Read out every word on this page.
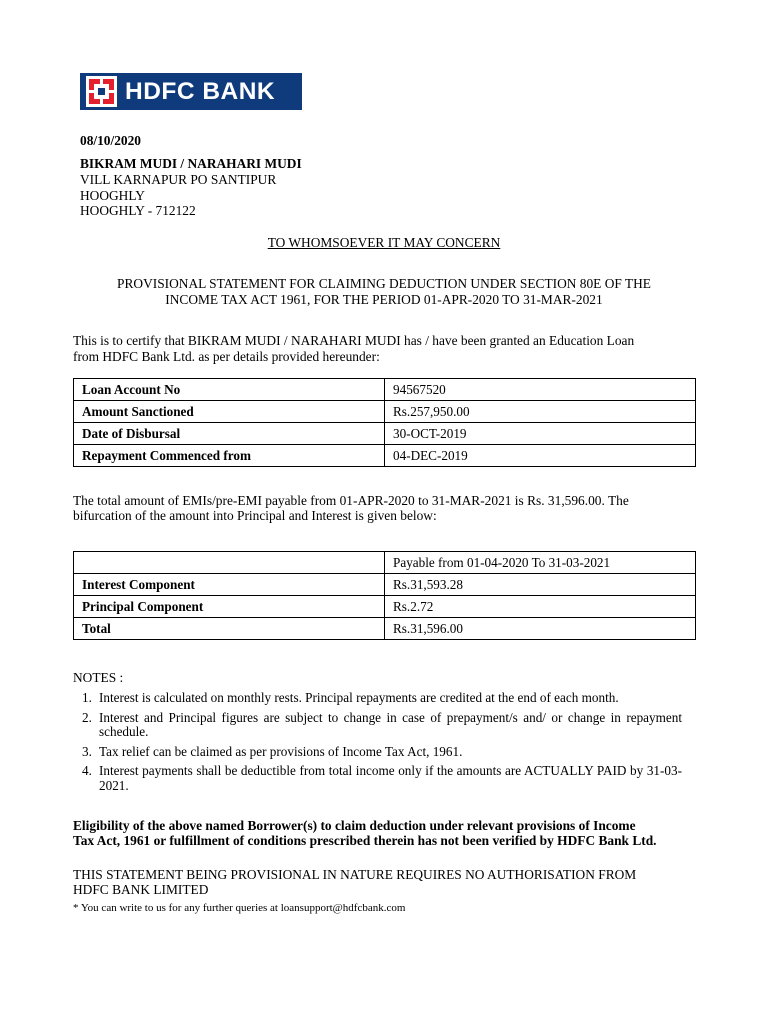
HDFC BANK
08/10/2020
BIKRAM MUDI / NARAHARI MUDI
VILL KARNAPUR PO SANTIPUR
HOOGHLY
HOOGHLY - 712122
TO WHOMSOEVER IT MAY CONCERN
PROVISIONAL STATEMENT FOR CLAIMING DEDUCTION UNDER SECTION 80E OF THE
INCOME TAX ACT 1961, FOR THE PERIOD 01-APR-2020 TO 31-MAR-2021
This is to certify that BIKRAM MUDI / NARAHARI MUDI has / have been granted an Education Loan
from HDFC Bank Ltd. as per details provided hereunder:
Loan Account No	94567520
Amount Sanctioned	Rs.257,950.00
Date of Disbursal	30-OCT-2019
Repayment Commenced from	04-DEC-2019
The total amount of EMIs/pre-EMI payable from 01-APR-2020 to 31-MAR-2021 is Rs. 31,596.00. The
bifurcation of the amount into Principal and Interest is given below:
	Payable from 01-04-2020 To 31-03-2021
Interest Component	Rs.31,593.28
Principal Component	Rs.2.72
Total	Rs.31,596.00
NOTES :
1. Interest is calculated on monthly rests. Principal repayments are credited at the end of each month.
2. Interest and Principal figures are subject to change in case of prepayment/s and/ or change in repayment schedule.
3. Tax relief can be claimed as per provisions of Income Tax Act, 1961.
4. Interest payments shall be deductible from total income only if the amounts are ACTUALLY PAID by 31-03-2021.
Eligibility of the above named Borrower(s) to claim deduction under relevant provisions of Income
Tax Act, 1961 or fulfillment of conditions prescribed therein has not been verified by HDFC Bank Ltd.
THIS STATEMENT BEING PROVISIONAL IN NATURE REQUIRES NO AUTHORISATION FROM
HDFC BANK LIMITED
* You can write to us for any further queries at loansupport@hdfcbank.com
